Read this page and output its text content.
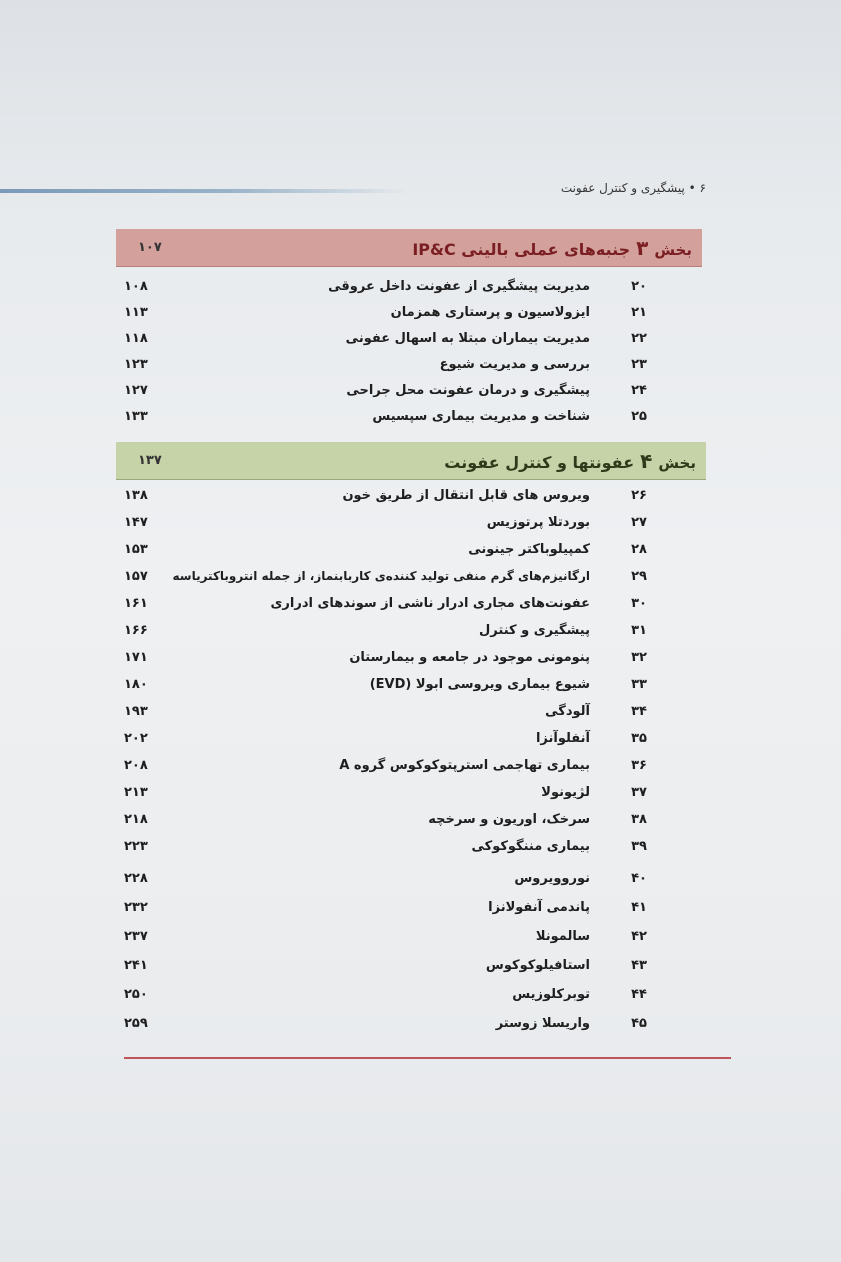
۶ • پیشگیری و کنترل عفونت
۱۰۷	بخش
۳
جنبه‌های عملی بالینی IP&C
۲۰
مدیریت پیشگیری از عفونت داخل عروقی
۱۰۸
۲۱
ایزولاسیون و پرستاری همزمان
۱۱۳
۲۲
مدیریت بیماران مبتلا به اسهال عفونی
۱۱۸
۲۳
بررسی و مدیریت شیوع
۱۲۳
۲۴
پیشگیری و درمان عفونت محل جراحی
۱۲۷
۲۵
شناخت و مدیریت بیماری سپسیس
۱۳۳
۱۳۷	بخش
۴
عفونتها و کنترل عفونت
۲۶
ویروس های قابل انتقال از طریق خون
۱۳۸
۲۷
بوردتلا پرتوزیس
۱۴۷
۲۸
کمپیلوباکتر جینونی
۱۵۳
۲۹
ارگانیزم‌های گرم منفی تولید کننده‌ی کاربابنماز، از جمله انتروباکتریاسه
۱۵۷
۳۰
عفونت‌های مجاری ادرار ناشی از سوندهای ادراری
۱۶۱
۳۱
پیشگیری و کنترل
۱۶۶
۳۲
پنومونی موجود در جامعه و بیمارستان
۱۷۱
۳۳
شیوع بیماری ویروسی ابولا (EVD)
۱۸۰
۳۴
آلودگی
۱۹۳
۳۵
آنفلوآنزا
۲۰۲
۳۶
بیماری تهاجمی استرپتوکوکوس گروه A
۲۰۸
۳۷
لژیونولا
۲۱۳
۳۸
سرخک، اوریون و سرخچه
۲۱۸
۳۹
بیماری مننگوکوکی
۲۲۳
۴۰
نوروویروس
۲۲۸
۴۱
پاندمی آنفولانزا
۲۳۲
۴۲
سالمونلا
۲۳۷
۴۳
استافیلوکوکوس
۲۴۱
۴۴
توبرکلوزیس
۲۵۰
۴۵
واریسلا زوستر
۲۵۹
